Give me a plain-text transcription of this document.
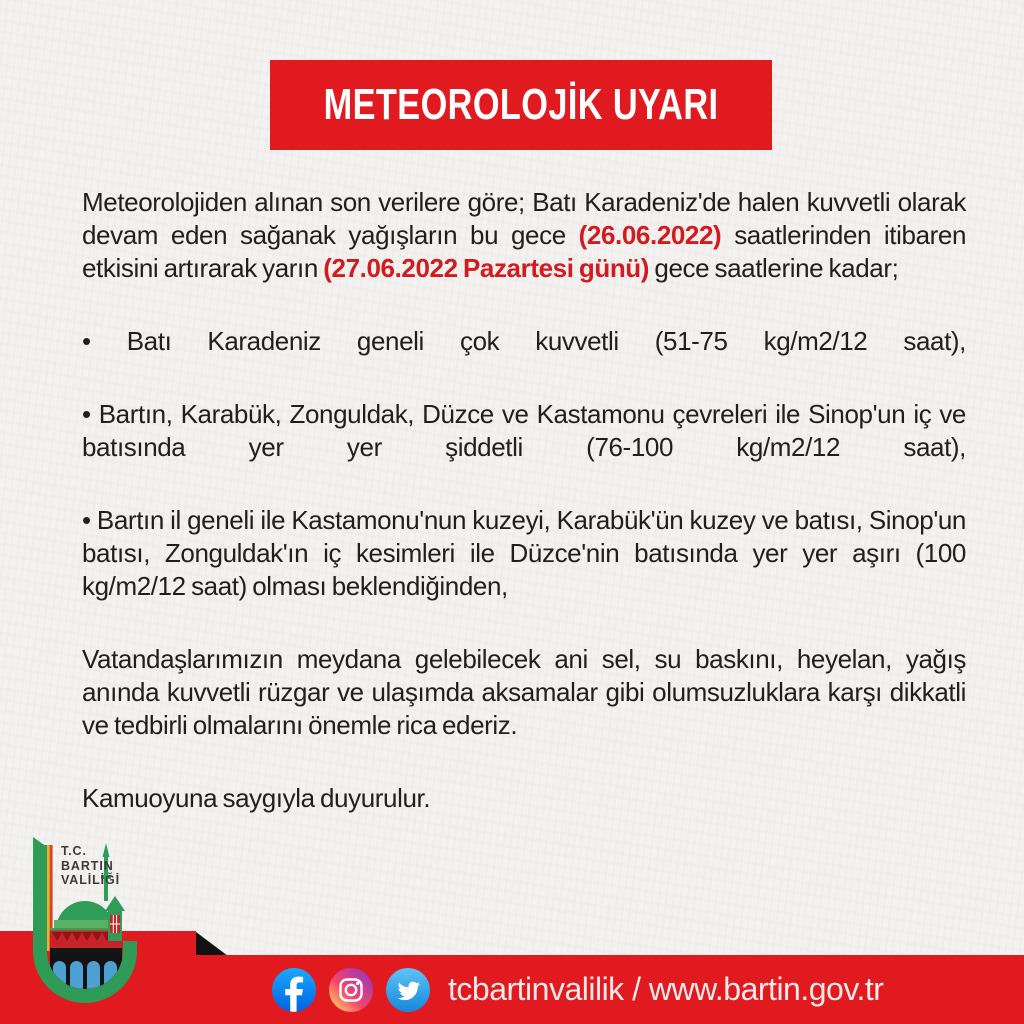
METEOROLOJİK UYARI

Meteorolojiden alınan son verilere göre; Batı Karadeniz'de halen kuvvetli olarak devam eden sağanak yağışların bu gece (26.06.2022) saatlerinden itibaren etkisini artırarak yarın (27.06.2022 Pazartesi günü) gece saatlerine kadar;

• Batı Karadeniz geneli çok kuvvetli (51-75 kg/m2/12 saat),

• Bartın, Karabük, Zonguldak, Düzce ve Kastamonu çevreleri ile Sinop'un iç ve batısında yer yer şiddetli (76-100 kg/m2/12 saat),

• Bartın il geneli ile Kastamonu'nun kuzeyi, Karabük'ün kuzey ve batısı, Sinop'un batısı, Zonguldak'ın iç kesimleri ile Düzce'nin batısında yer yer aşırı (100 kg/m2/12 saat) olması beklendiğinden,

Vatandaşlarımızın meydana gelebilecek ani sel, su baskını, heyelan, yağış anında kuvvetli rüzgar ve ulaşımda aksamalar gibi olumsuzluklara karşı dikkatli ve tedbirli olmalarını önemle rica ederiz.

Kamuoyuna saygıyla duyurulur.

tcbartinvalilik / www.bartin.gov.tr
T.C.
BARTIN
VALİLİĞİ
